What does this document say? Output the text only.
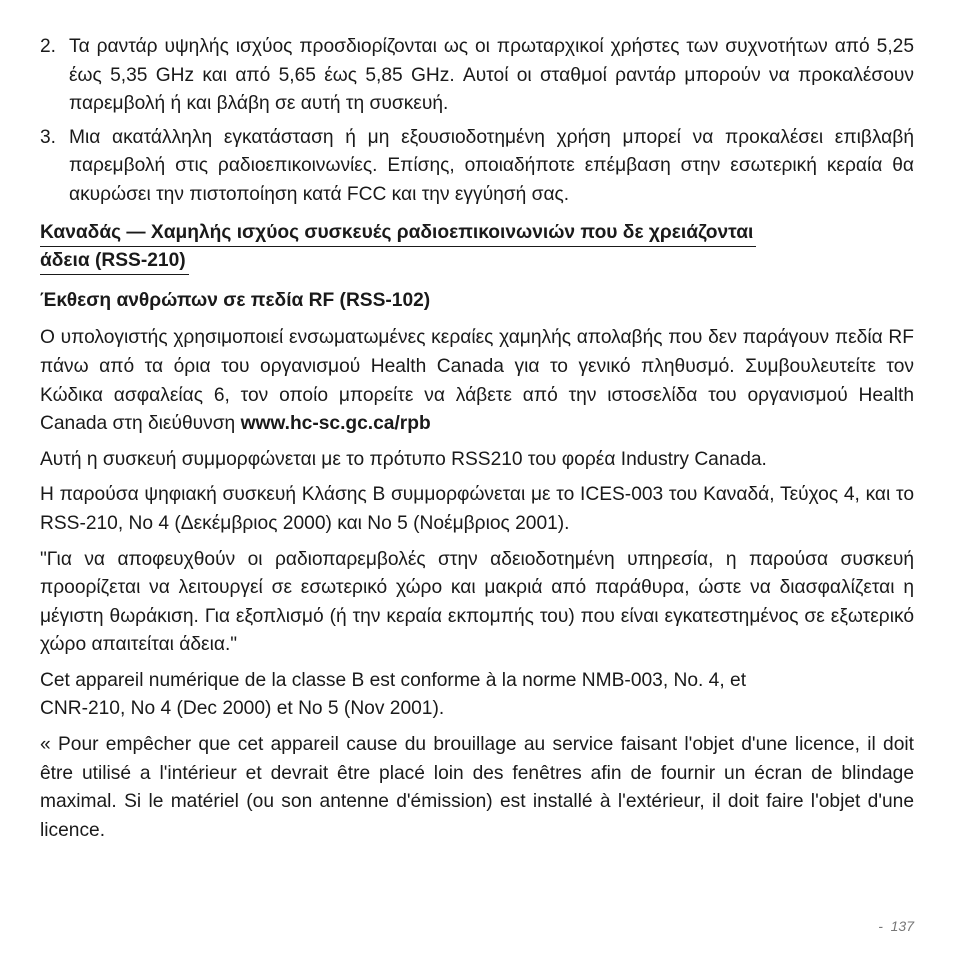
2. Τα ραντάρ υψηλής ισχύος προσδιορίζονται ως οι πρωταρχικοί χρήστες των συχνοτήτων από 5,25 έως 5,35 GHz και από 5,65 έως 5,85 GHz. Αυτοί οι σταθμοί ραντάρ μπορούν να προκαλέσουν παρεμβολή ή και βλάβη σε αυτή τη συσκευή.
3. Μια ακατάλληλη εγκατάσταση ή μη εξουσιοδοτημένη χρήση μπορεί να προκαλέσει επιβλαβή παρεμβολή στις ραδιοεπικοινωνίες. Επίσης, οποιαδήποτε επέμβαση στην εσωτερική κεραία θα ακυρώσει την πιστοποίηση κατά FCC και την εγγύησή σας.
Καναδάς — Χαμηλής ισχύος συσκευές ραδιοεπικοινωνιών που δε χρειάζονται
άδεια (RSS-210)
Έκθεση ανθρώπων σε πεδία RF (RSS-102)

Ο υπολογιστής χρησιμοποιεί ενσωματωμένες κεραίες χαμηλής απολαβής που δεν παράγουν πεδία RF πάνω από τα όρια του οργανισμού Health Canada για το γενικό πληθυσμό. Συμβουλευτείτε τον Κώδικα ασφαλείας 6, τον οποίο μπορείτε να λάβετε από την ιστοσελίδα του οργανισμού Health Canada στη διεύθυνση www.hc-sc.gc.ca/rpb

Αυτή η συσκευή συμμορφώνεται με το πρότυπο RSS210 του φορέα Industry Canada.

Η παρούσα ψηφιακή συσκευή Κλάσης B συμμορφώνεται με το ICES-003 του Καναδά, Τεύχος 4, και το RSS-210, No 4 (Δεκέμβριος 2000) και No 5 (Νοέμβριος 2001).

"Για να αποφευχθούν οι ραδιοπαρεμβολές στην αδειοδοτημένη υπηρεσία, η παρούσα συσκευή προορίζεται να λειτουργεί σε εσωτερικό χώρο και μακριά από παράθυρα, ώστε να διασφαλίζεται η μέγιστη θωράκιση. Για εξοπλισμό (ή την κεραία εκπομπής του) που είναι εγκατεστημένος σε εξωτερικό χώρο απαιτείται άδεια."

Cet appareil numérique de la classe B est conforme à la norme NMB-003, No. 4, et
CNR-210, No 4 (Dec 2000) et No 5 (Nov 2001).

« Pour empêcher que cet appareil cause du brouillage au service faisant l'objet d'une licence, il doit être utilisé a l'intérieur et devrait être placé loin des fenêtres afin de fournir un écran de blindage maximal. Si le matériel (ou son antenne d'émission) est installé à l'extérieur, il doit faire l'objet d'une licence.

- 137
